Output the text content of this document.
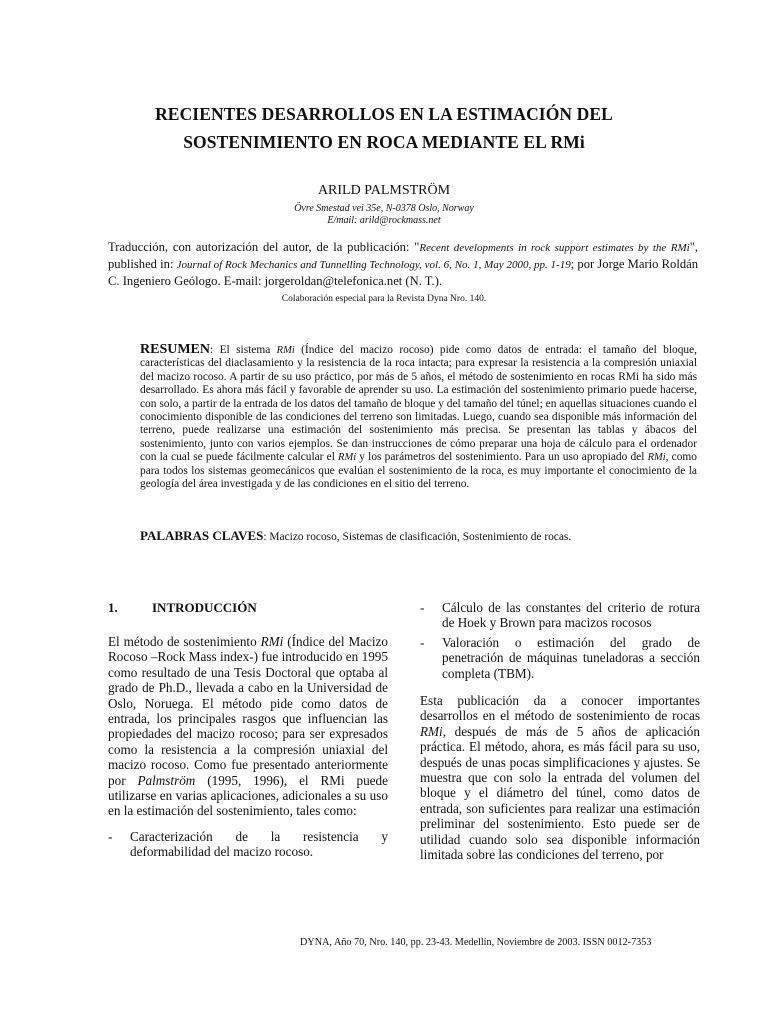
RECIENTES DESARROLLOS EN LA ESTIMACIÓN DEL
SOSTENIMIENTO EN ROCA MEDIANTE EL RMi
ARILD PALMSTRÖM
Övre Smestad vei 35e, N-0378 Oslo, Norway
E/mail: arild@rockmass.net
Traducción, con autorización del autor, de la publicación: "Recent developments in rock support estimates by the RMi", published in: Journal of Rock Mechanics and Tunnelling Technology, vol. 6, No. 1, May 2000, pp. 1-19; por Jorge Mario Roldán C. Ingeniero Geólogo. E-mail: jorgeroldan@telefonica.net (N. T.).
Colaboración especial para la Revista Dyna Nro. 140.
RESUMEN: El sistema RMi (Índice del macizo rocoso) pide como datos de entrada: el tamaño del bloque, características del diaclasamiento y la resistencia de la roca intacta; para expresar la resistencia a la compresión uniaxial del macizo rocoso. A partir de su uso práctico, por más de 5 años, el método de sostenimiento en rocas RMi ha sido más desarrollado. Es ahora más fácil y favorable de aprender su uso. La estimación del sostenimiento primario puede hacerse, con solo, a partir de la entrada de los datos del tamaño de bloque y del tamaño del túnel; en aquellas situaciones cuando el conocimiento disponible de las condiciones del terreno son limitadas. Luego, cuando sea disponible más información del terreno, puede realizarse una estimación del sostenimiento más precisa. Se presentan las tablas y ábacos del sostenimiento, junto con varios ejemplos. Se dan instrucciones de cómo preparar una hoja de cálculo para el ordenador con la cual se puede fácilmente calcular el RMi y los parámetros del sostenimiento. Para un uso apropiado del RMi, como para todos los sistemas geomecánicos que evalúan el sostenimiento de la roca, es muy importante el conocimiento de la geología del área investigada y de las condiciones en el sitio del terreno.
PALABRAS CLAVES: Macizo rocoso, Sistemas de clasificación, Sostenimiento de rocas.
1.	INTRODUCCIÓN

El método de sostenimiento RMi (Índice del Macizo Rocoso –Rock Mass index-) fue introducido en 1995 como resultado de una Tesis Doctoral que optaba al grado de Ph.D., llevada a cabo en la Universidad de Oslo, Noruega. El método pide como datos de entrada, los principales rasgos que influencian las propiedades del macizo rocoso; para ser expresados como la resistencia a la compresión uniaxial del macizo rocoso. Como fue presentado anteriormente por Palmström (1995, 1996), el RMi puede utilizarse en varias aplicaciones, adicionales a su uso en la estimación del sostenimiento, tales como:

-	Caracterización de la resistencia y deformabilidad del macizo rocoso.
-	Cálculo de las constantes del criterio de rotura de Hoek y Brown para macizos rocosos
-	Valoración o estimación del grado de penetración de máquinas tuneladoras a sección completa (TBM).

Esta publicación da a conocer importantes desarrollos en el método de sostenimiento de rocas RMi, después de más de 5 años de aplicación práctica. El método, ahora, es más fácil para su uso, después de unas pocas simplificaciones y ajustes. Se muestra que con solo la entrada del volumen del bloque y el diámetro del túnel, como datos de entrada, son suficientes para realizar una estimación preliminar del sostenimiento. Esto puede ser de utilidad cuando solo sea disponible información limitada sobre las condiciones del terreno, por

DYNA, Año 70, Nro. 140, pp. 23-43. Medellín, Noviembre de 2003. ISSN 0012-7353
